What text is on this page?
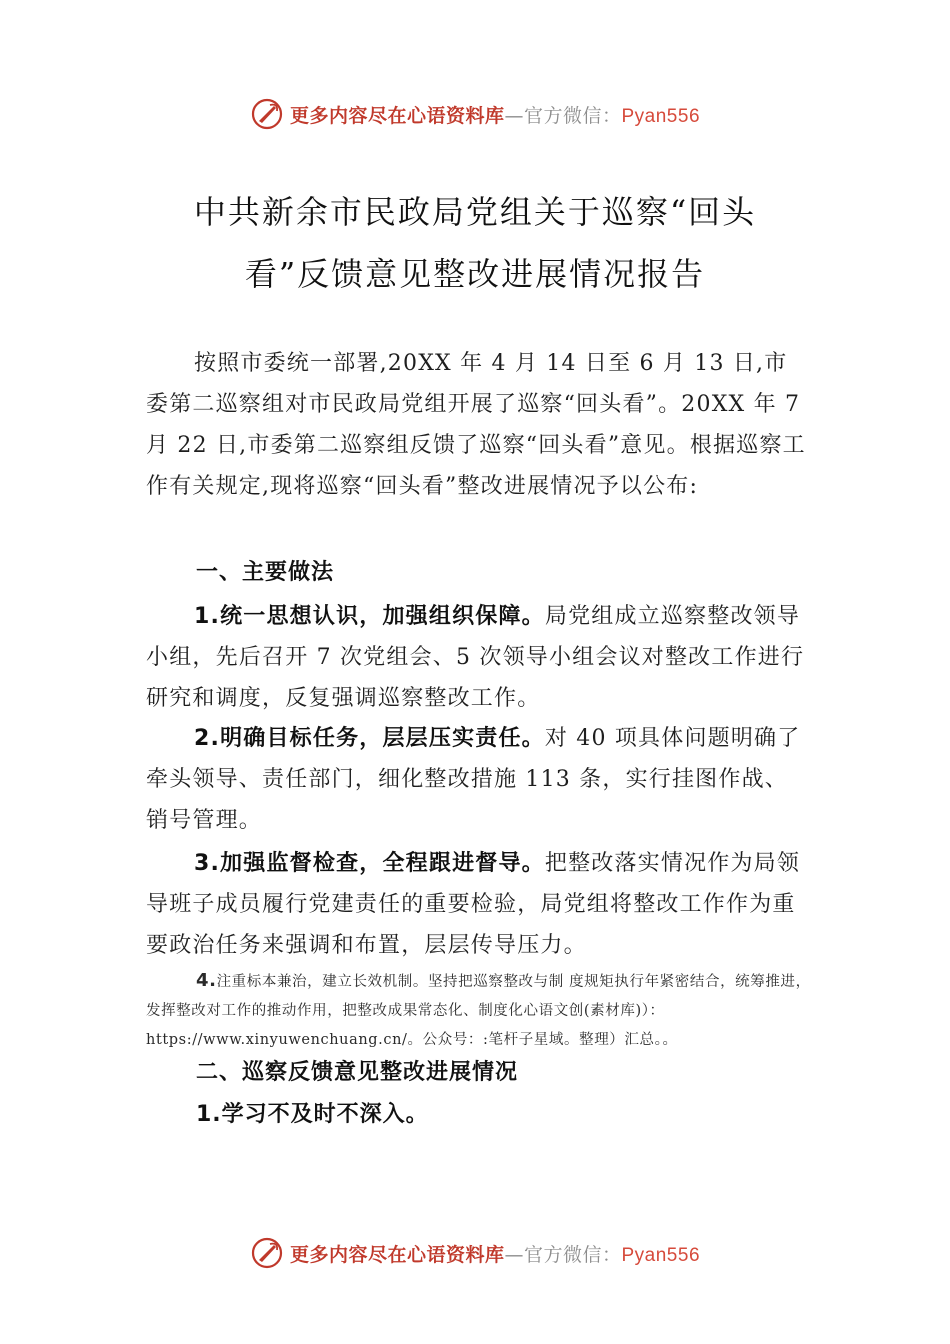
更多内容尽在心语资料库—官方微信：Pyan556
中共新余市民政局党组关于巡察“回头
看”反馈意见整改进展情况报告
按照市委统一部署,20XX 年 4 月 14 日至 6 月 13 日,市委第二巡察组对市民政局党组开展了巡察“回头看”。20XX 年 7 月 22 日,市委第二巡察组反馈了巡察“回头看”意见。根据巡察工作有关规定,现将巡察“回头看”整改进展情况予以公布:
一、主要做法
1.统一思想认识，加强组织保障。局党组成立巡察整改领导小组，先后召开 7 次党组会、5 次领导小组会议对整改工作进行研究和调度，反复强调巡察整改工作。
2.明确目标任务，层层压实责任。对 40 项具体问题明确了牵头领导、责任部门，细化整改措施 113 条，实行挂图作战、销号管理。
3.加强监督检查，全程跟进督导。把整改落实情况作为局领导班子成员履行党建责任的重要检验，局党组将整改工作作为重要政治任务来强调和布置，层层传导压力。
4.注重标本兼治，建立长效机制。坚持把巡察整改与制 度规矩执行年紧密结合，统筹推进，发挥整改对工作的推动作用，把整改成果常态化、制度化心语文创(素材库)）：https://www.xinyuwenchuang.cn/。公众号：:笔杆子星域。整理）汇总。。
二、巡察反馈意见整改进展情况
1.学习不及时不深入。
更多内容尽在心语资料库—官方微信：Pyan556
